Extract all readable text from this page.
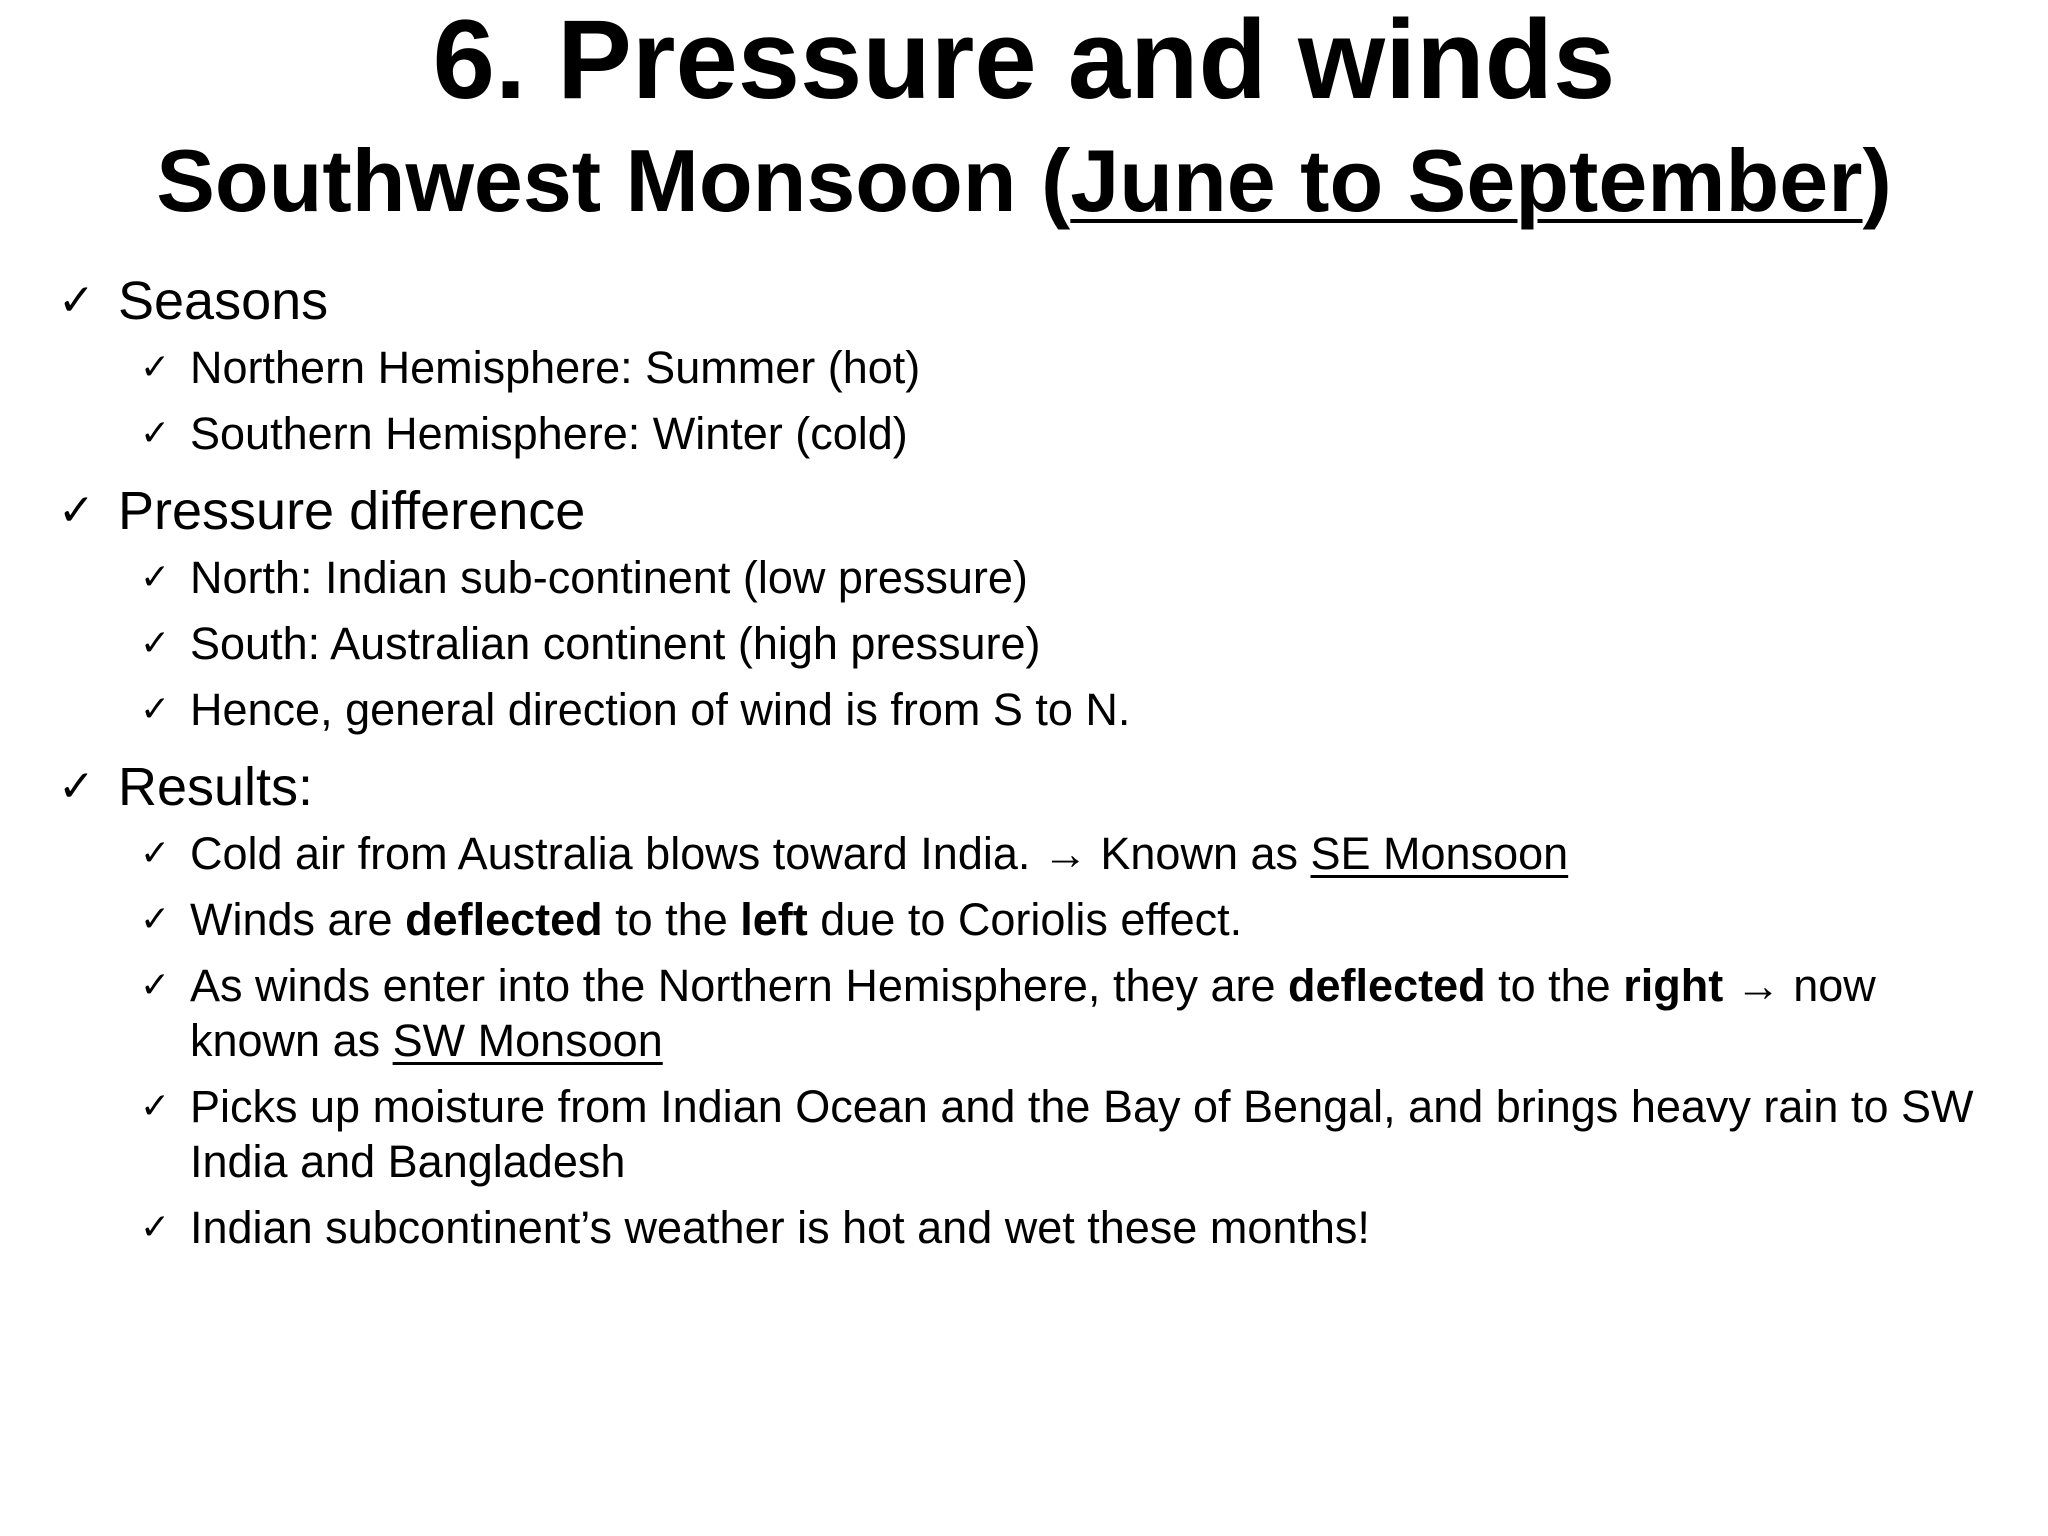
6. Pressure and winds
Southwest Monsoon (June to September)

✓ Seasons

✓ Northern Hemisphere: Summer (hot)

✓ Southern Hemisphere: Winter (cold)

✓ Pressure difference

✓ North: Indian sub-continent (low pressure)

✓ South: Australian continent (high pressure)

✓ Hence, general direction of wind is from S to N.

✓ Results:

✓ Cold air from Australia blows toward India. → Known as SE Monsoon

✓ Winds are deflected to the left due to Coriolis effect.

✓ As winds enter into the Northern Hemisphere, they are deflected to the right → now known as SW Monsoon

✓ Picks up moisture from Indian Ocean and the Bay of Bengal, and brings heavy rain to SW India and Bangladesh

✓ Indian subcontinent’s weather is hot and wet these months!
